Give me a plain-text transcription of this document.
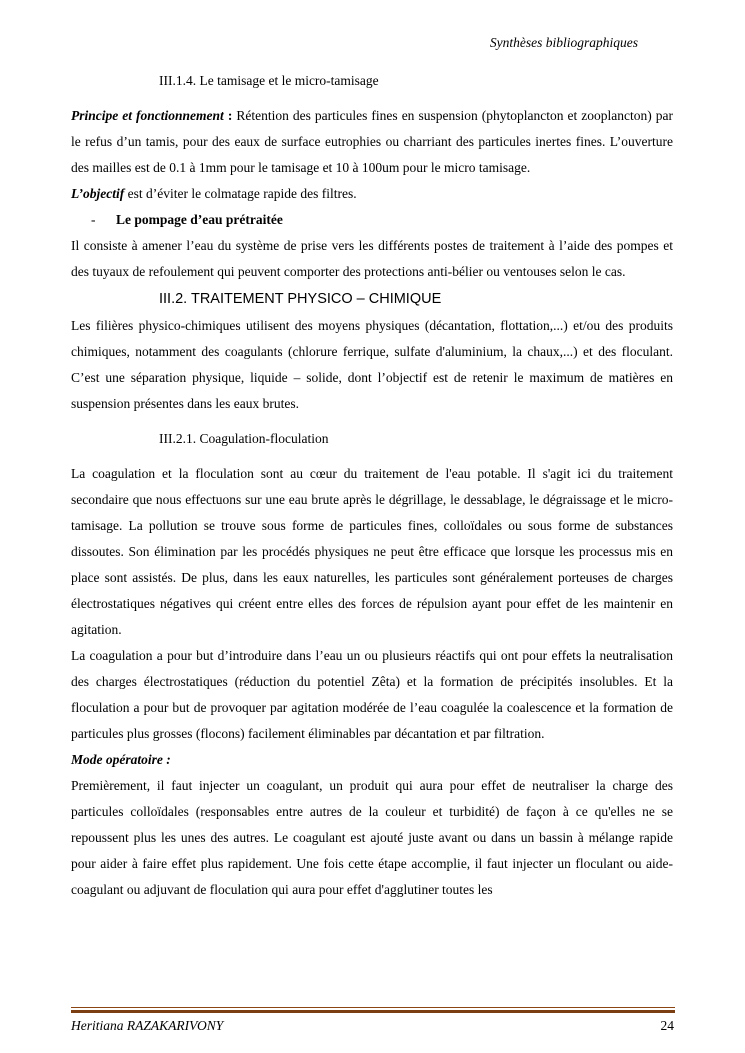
Synthèses bibliographiques

III.1.4. Le tamisage et le micro-tamisage

Principe et fonctionnement : Rétention des particules fines en suspension (phytoplancton et zooplancton) par le refus d’un tamis, pour des eaux de surface eutrophies ou charriant des particules inertes fines. L’ouverture des mailles est de 0.1 à 1mm pour le tamisage et 10 à 100um pour le micro tamisage.

L’objectif est d’éviter le colmatage rapide des filtres.

- Le pompage d’eau prétraitée

Il consiste à amener l’eau du système de prise vers les différents postes de traitement à l’aide des pompes et des tuyaux de refoulement qui peuvent comporter des protections anti-bélier ou ventouses selon le cas.

III.2. TRAITEMENT PHYSICO – CHIMIQUE

Les filières physico-chimiques utilisent des moyens physiques (décantation, flottation,...) et/ou des produits chimiques, notamment des coagulants (chlorure ferrique, sulfate d'aluminium, la chaux,...) et des floculant. C’est une séparation physique, liquide – solide, dont l’objectif est de retenir le maximum de matières en suspension présentes dans les eaux brutes.

III.2.1. Coagulation-floculation

La coagulation et la floculation sont au cœur du traitement de l'eau potable. Il s'agit ici du traitement secondaire que nous effectuons sur une eau brute après le dégrillage, le dessablage, le dégraissage et le micro-tamisage. La pollution se trouve sous forme de particules fines, colloïdales ou sous forme de substances dissoutes. Son élimination par les procédés physiques ne peut être efficace que lorsque les processus mis en place sont assistés. De plus, dans les eaux naturelles, les particules sont généralement porteuses de charges électrostatiques négatives qui créent entre elles des forces de répulsion ayant pour effet de les maintenir en agitation.

La coagulation a pour but d’introduire dans l’eau un ou plusieurs réactifs qui ont pour effets la neutralisation des charges électrostatiques (réduction du potentiel Zêta) et la formation de précipités insolubles. Et la floculation a pour but de provoquer par agitation modérée de l’eau coagulée la coalescence et la formation de particules plus grosses (flocons) facilement éliminables par décantation et par filtration.

Mode opératoire :

Premièrement, il faut injecter un coagulant, un produit qui aura pour effet de neutraliser la charge des particules colloïdales (responsables entre autres de la couleur et turbidité) de façon à ce qu'elles ne se repoussent plus les unes des autres. Le coagulant est ajouté juste avant ou dans un bassin à mélange rapide pour aider à faire effet plus rapidement. Une fois cette étape accomplie, il faut injecter un floculant ou aide-coagulant ou adjuvant de floculation qui aura pour effet d'agglutiner toutes les

Heritiana RAZAKARIVONY	24
